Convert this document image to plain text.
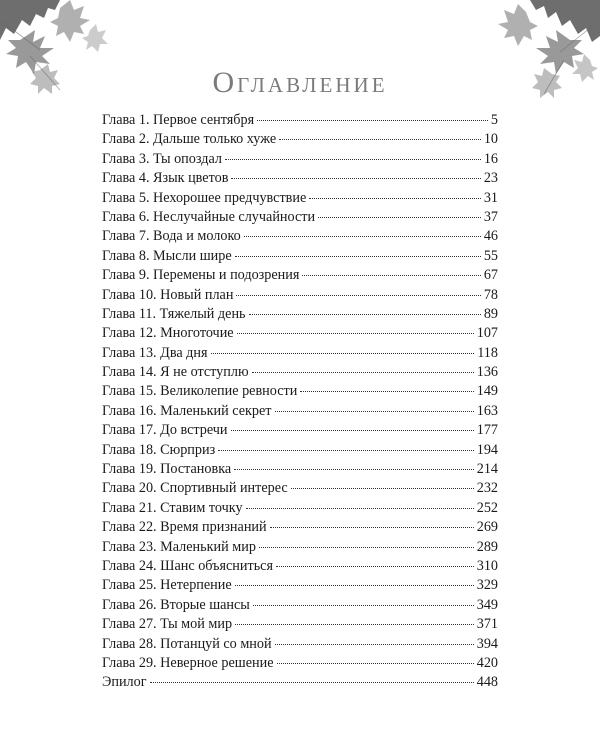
Оглавление
Глава 1. Первое сентября	5
Глава 2. Дальше только хуже	10
Глава 3. Ты опоздал	16
Глава 4. Язык цветов	23
Глава 5. Нехорошее предчувствие	31
Глава 6. Неслучайные случайности	37
Глава 7. Вода и молоко	46
Глава 8. Мысли шире	55
Глава 9. Перемены и подозрения	67
Глава 10. Новый план	78
Глава 11. Тяжелый день	89
Глава 12. Многоточие	107
Глава 13. Два дня	118
Глава 14. Я не отступлю	136
Глава 15. Великолепие ревности	149
Глава 16. Маленький секрет	163
Глава 17. До встречи	177
Глава 18. Сюрприз	194
Глава 19. Постановка	214
Глава 20. Спортивный интерес	232
Глава 21. Ставим точку	252
Глава 22. Время признаний	269
Глава 23. Маленький мир	289
Глава 24. Шанс объясниться	310
Глава 25. Нетерпение	329
Глава 26. Вторые шансы	349
Глава 27. Ты мой мир	371
Глава 28. Потанцуй со мной	394
Глава 29. Неверное решение	420
Эпилог	448
